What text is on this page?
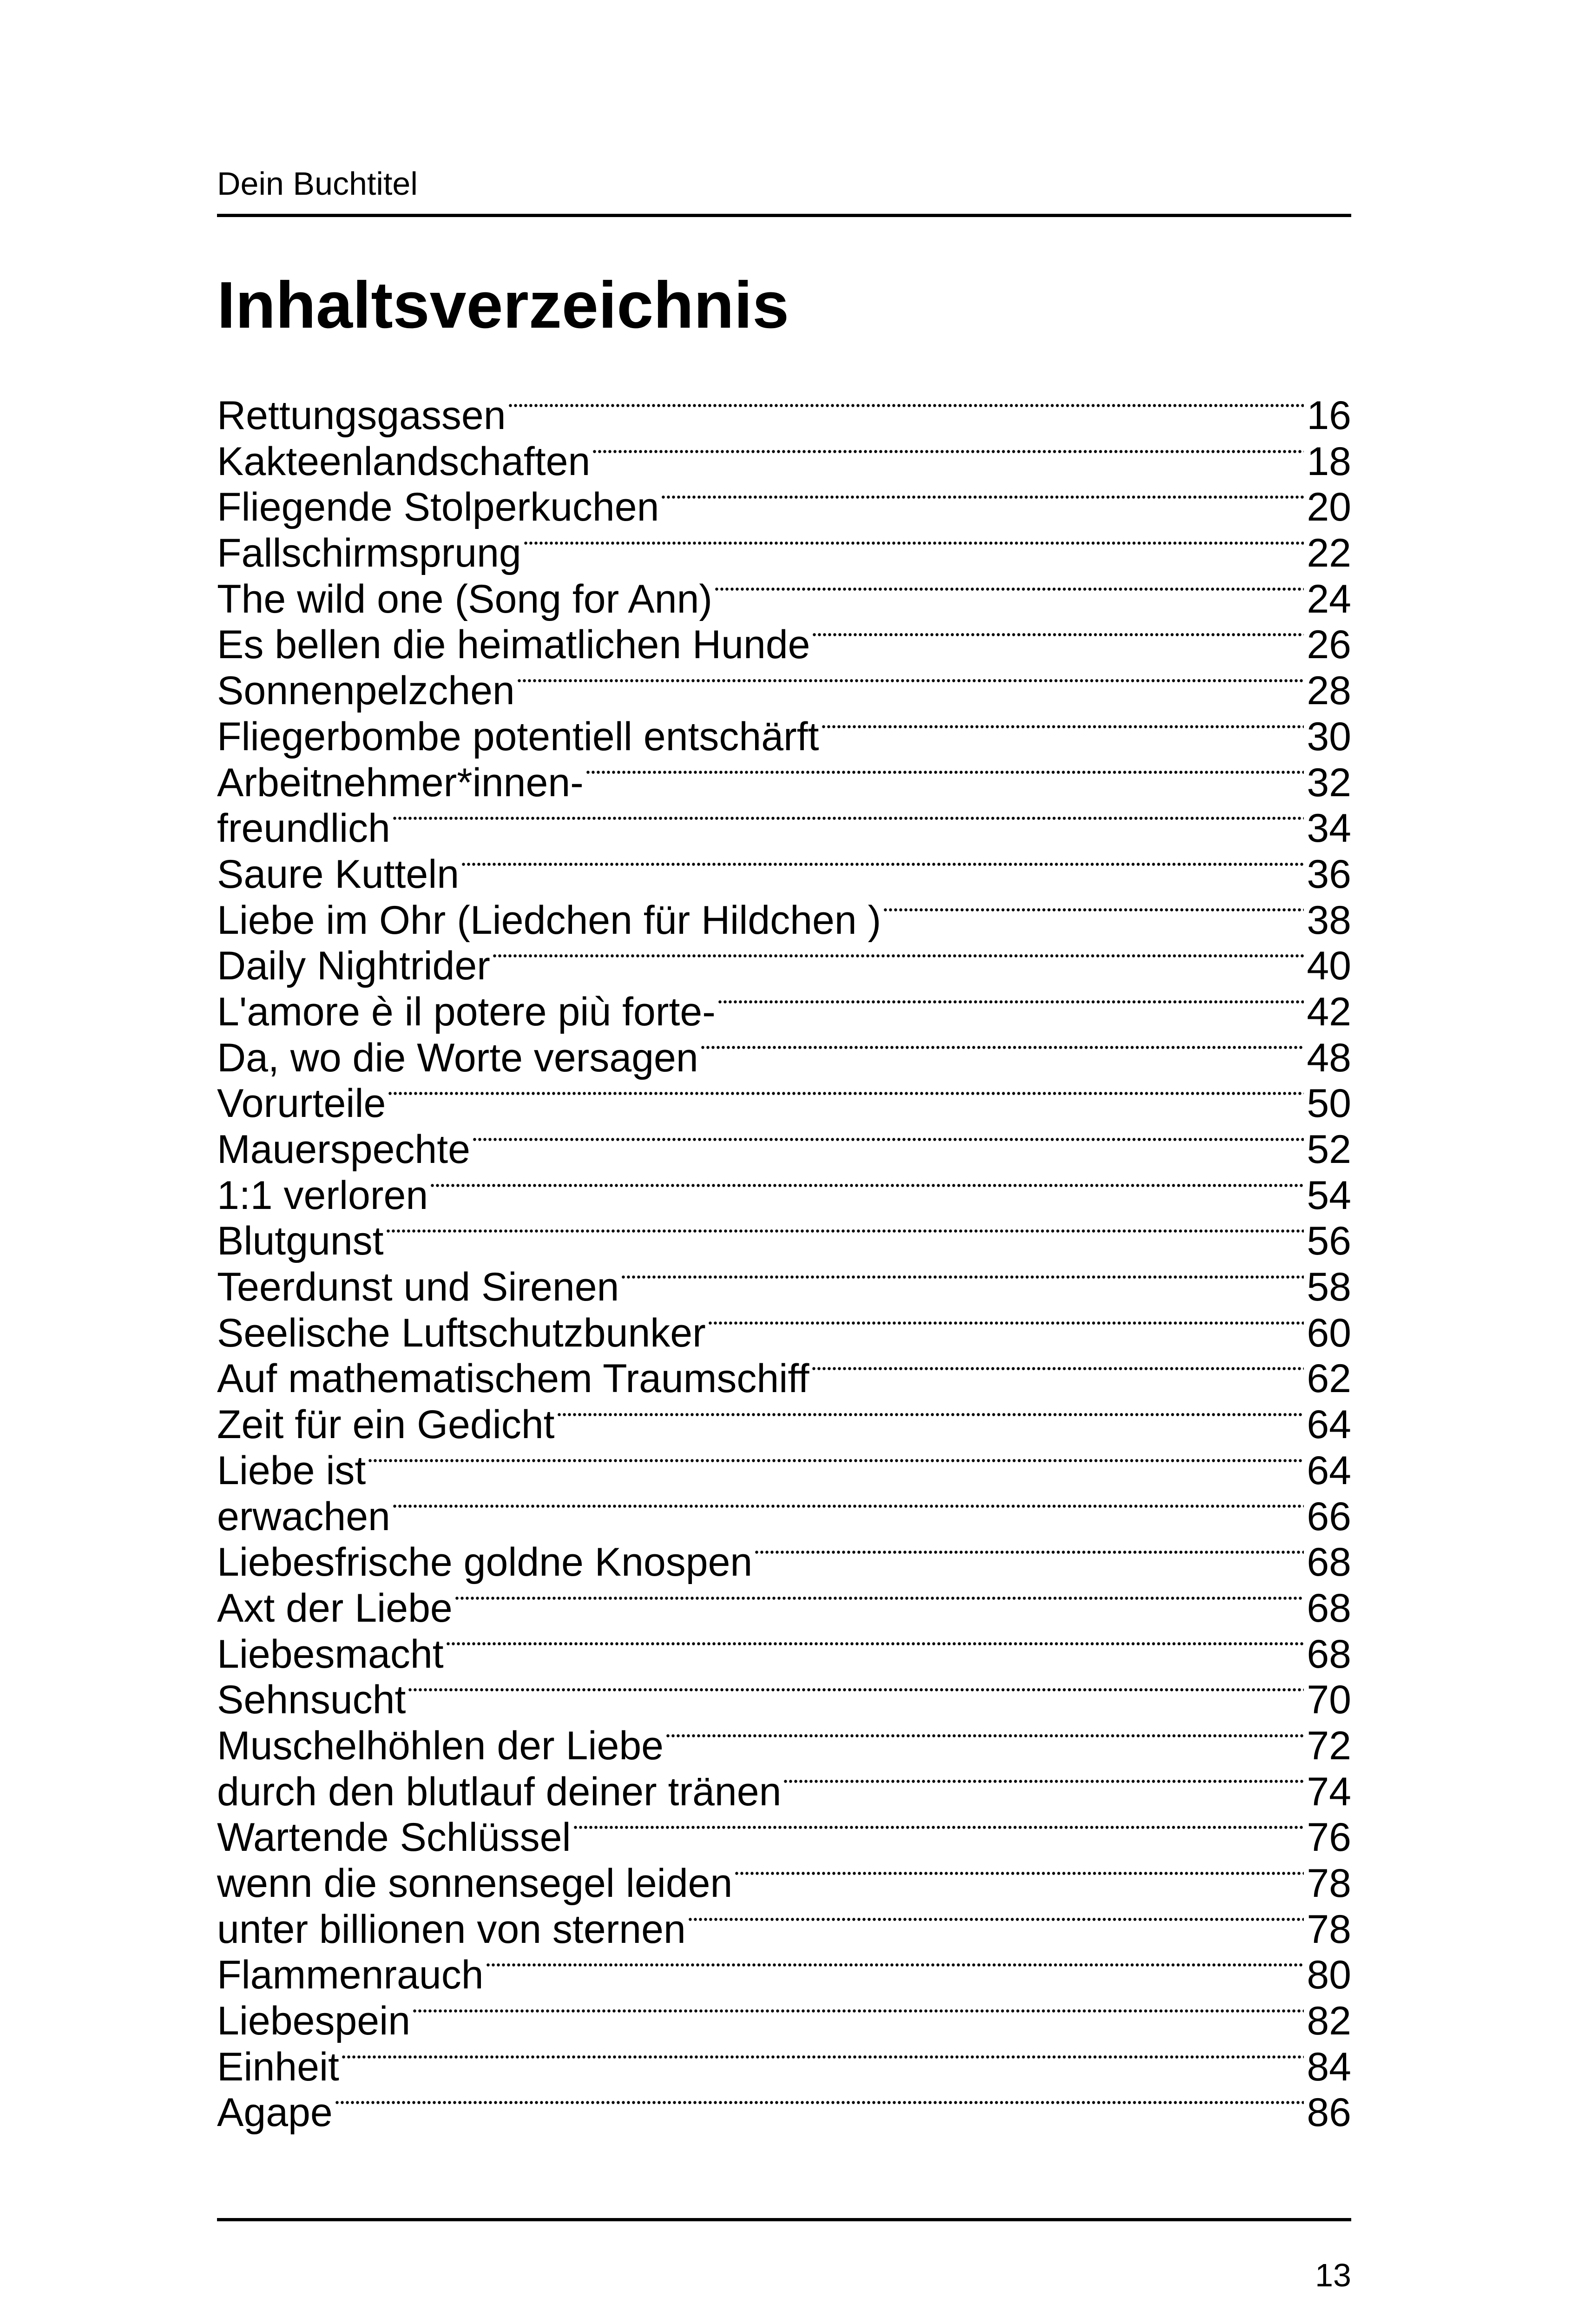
Dein Buchtitel
Inhaltsverzeichnis
Rettungsgassen	16
Kakteenlandschaften	18
Fliegende Stolperkuchen	20
Fallschirmsprung	22
The wild one (Song for Ann)	24
Es bellen die heimatlichen Hunde	26
Sonnenpelzchen	28
Fliegerbombe potentiell entschärft	30
Arbeitnehmer*innen-	32
freundlich	34
Saure Kutteln	36
Liebe im Ohr (Liedchen für Hildchen )	38
Daily Nightrider	40
L'amore è il potere più forte-	42
Da, wo die Worte versagen	48
Vorurteile	50
Mauerspechte	52
1:1 verloren	54
Blutgunst	56
Teerdunst und Sirenen	58
Seelische Luftschutzbunker	60
Auf mathematischem Traumschiff	62
Zeit für ein Gedicht	64
Liebe ist	64
erwachen	66
Liebesfrische goldne Knospen	68
Axt der Liebe	68
Liebesmacht	68
Sehnsucht	70
Muschelhöhlen der Liebe	72
durch den blutlauf deiner tränen	74
Wartende Schlüssel	76
wenn die sonnensegel leiden	78
unter billionen von sternen	78
Flammenrauch	80
Liebespein	82
Einheit	84
Agape	86
13
